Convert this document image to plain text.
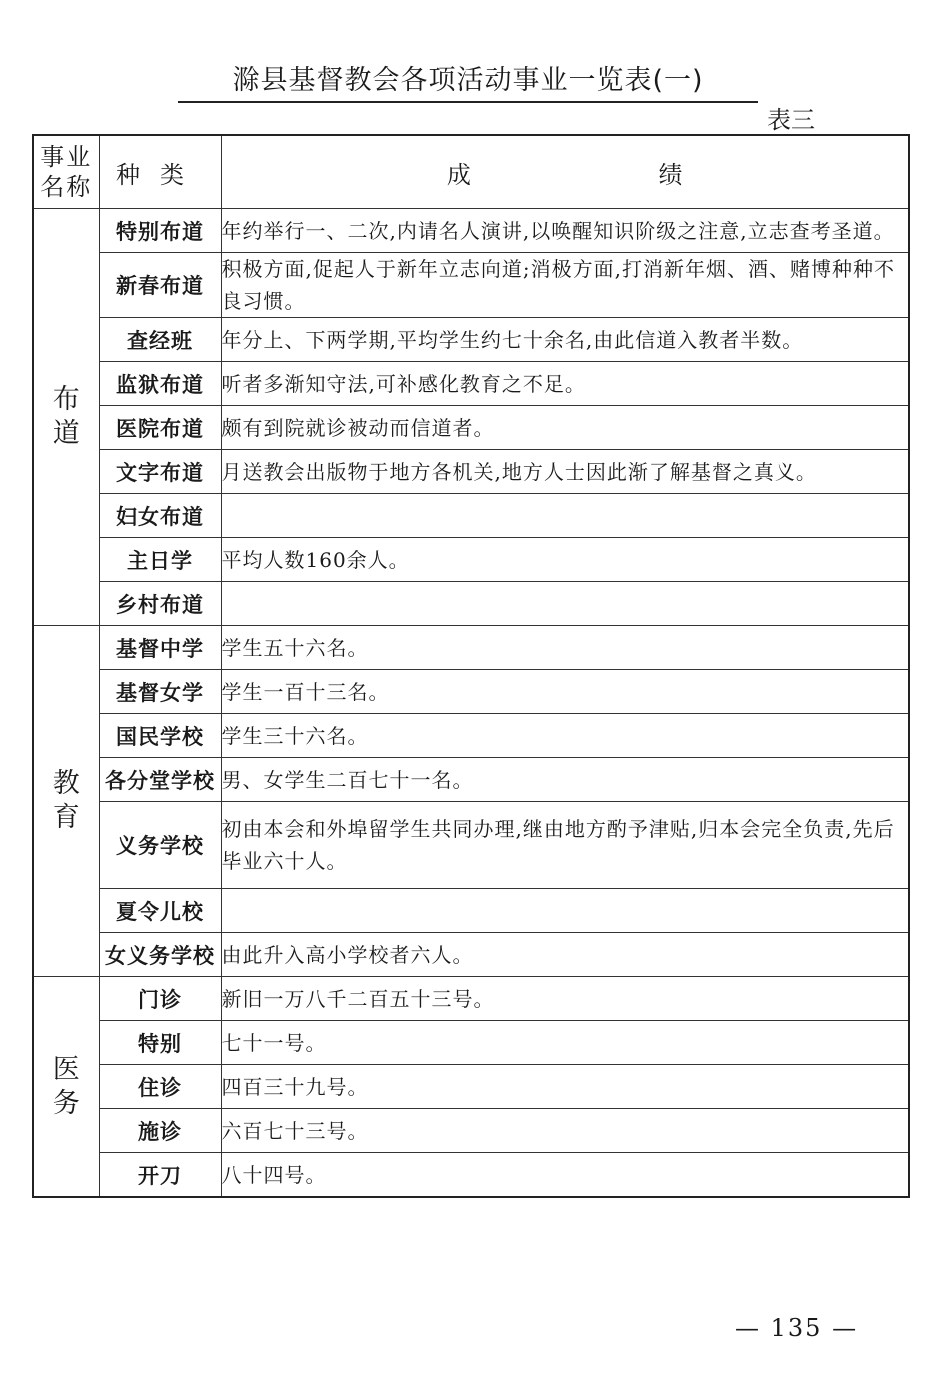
滁县基督教会各项活动事业一览表(一)
表三
事业名称	种类	成 绩
布道	特别布道	年约举行一、二次,内请名人演讲,以唤醒知识阶级之注意,立志查考圣道。
	新春布道	积极方面,促起人于新年立志向道;消极方面,打消新年烟、酒、赌博种种不良习惯。
	查经班	年分上、下两学期,平均学生约七十余名,由此信道入教者半数。
	监狱布道	听者多渐知守法,可补感化教育之不足。
	医院布道	颇有到院就诊被动而信道者。
	文字布道	月送教会出版物于地方各机关,地方人士因此渐了解基督之真义。
	妇女布道	
	主日学	平均人数160余人。
	乡村布道	
教育	基督中学	学生五十六名。
	基督女学	学生一百十三名。
	国民学校	学生三十六名。
	各分堂学校	男、女学生二百七十一名。
	义务学校	初由本会和外埠留学生共同办理,继由地方酌予津贴,归本会完全负责,先后毕业六十人。
	夏令儿校	
	女义务学校	由此升入高小学校者六人。
医务	门诊	新旧一万八千二百五十三号。
	特别	七十一号。
	住诊	四百三十九号。
	施诊	六百七十三号。
	开刀	八十四号。
— 135 —
